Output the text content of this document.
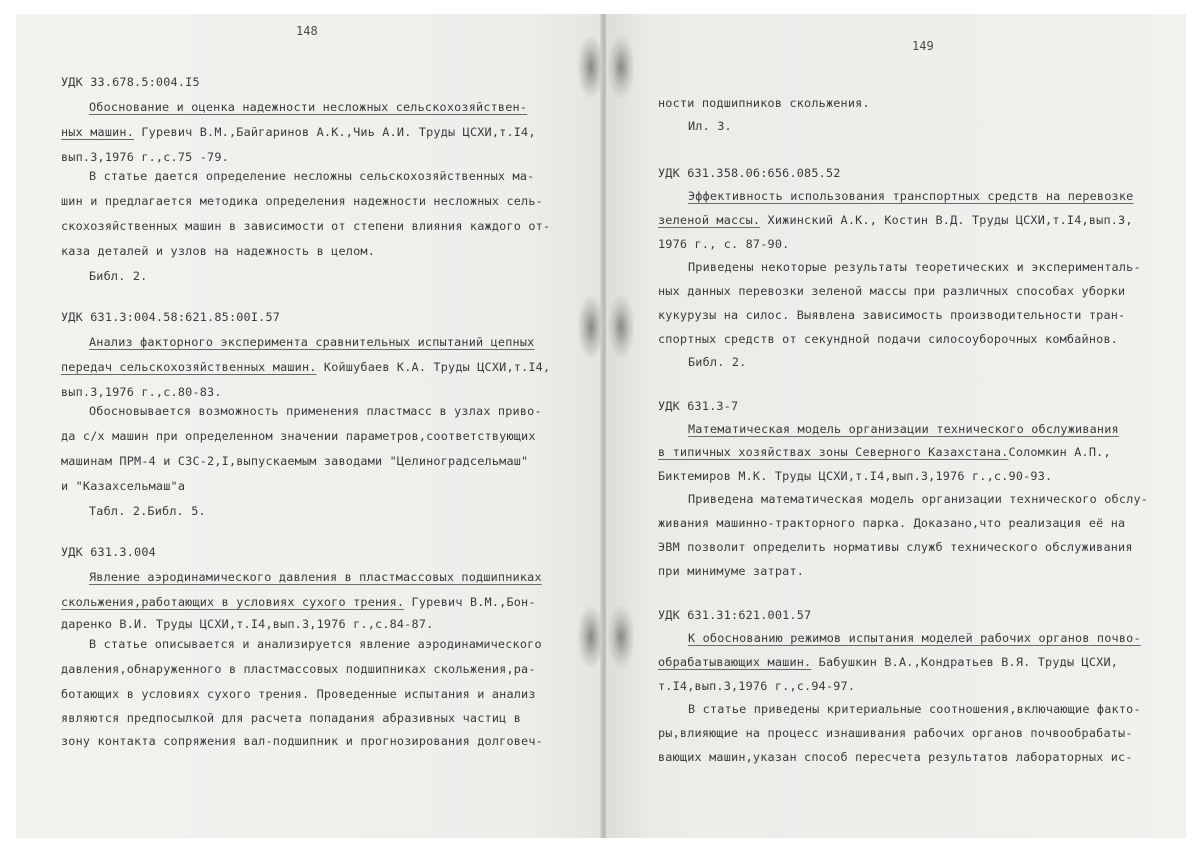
148
УДК 33.678.5:004.I5
Обоснование и оценка надежности несложных сельскохозяйствен-
ных машин. Гуревич В.М.,Байгаринов А.К.,Чиь А.И. Труды ЦСХИ,т.I4,
вып.3,1976 г.,с.75 -79.
В статье дается определение несложны сельскохозяйственных ма-
шин и предлагается методика определения надежности несложных сель-
скохозяйственных машин в зависимости от степени влияния каждого от-
каза деталей и узлов на надежность в целом.
Библ. 2.
УДК 631.3:004.58:621.85:00I.57
Анализ факторного эксперимента сравнительных испытаний цепных
передач сельскохозяйственных машин. Койшубаев К.А. Труды ЦСХИ,т.I4,
вып.3,1976 г.,с.80-83.
Обосновывается возможность применения пластмасс в узлах приво-
да с/х машин при определенном значении параметров,соответствующих
машинам ПРМ-4 и СЗС-2,I,выпускаемым заводами "Целиноградсельмаш"
и "Казахсельмаш"а
Табл. 2.Библ. 5.
УДК 631.3.004
Явление аэродинамического давления в пластмассовых подшипниках
скольжения,работающих в условиях сухого трения. Гуревич В.М.,Бон-
даренко В.И. Труды ЦСХИ,т.I4,вып.3,1976 г.,с.84-87.
В статье описывается и анализируется явление аэродинамического
давления,обнаруженного в пластмассовых подшипниках скольжения,ра-
ботающих в условиях сухого трения. Проведенные испытания и анализ
являются предпосылкой для расчета попадания абразивных частиц в
зону контакта сопряжения вал-подшипник и прогнозирования долговеч-
149
ности подшипников скольжения.
Ил. 3.
УДК 631.358.06:656.085.52
Эффективность использования транспортных средств на перевозке
зеленой массы. Хижинский А.К., Костин В.Д. Труды ЦСХИ,т.I4,вып.3,
1976 г., с. 87-90.
Приведены некоторые результаты теоретических и эксперименталь-
ных данных перевозки зеленой массы при различных способах уборки
кукурузы на силос. Выявлена зависимость производительности тран-
спортных средств от секундной подачи силосоуборочных комбайнов.
Библ. 2.
УДК 631.3-7
Математическая модель организации технического обслуживания
в типичных хозяйствах зоны Северного Казахстана.Соломкин А.П.,
Биктемиров М.К. Труды ЦСХИ,т.I4,вып.3,1976 г.,с.90-93.
Приведена математическая модель организации технического обслу-
живания машинно-тракторного парка. Доказано,что реализация её на
ЭВМ позволит определить нормативы служб технического обслуживания
при минимуме затрат.
УДК 631.31:621.001.57
К обоснованию режимов испытания моделей рабочих органов почво-
обрабатывающих машин. Бабушкин В.А.,Кондратьев В.Я. Труды ЦСХИ,
т.I4,вып.3,1976 г.,с.94-97.
В статье приведены критериальные соотношения,включающие факто-
ры,влияющие на процесс изнашивания рабочих органов почвообрабаты-
вающих машин,указан способ пересчета результатов лабораторных ис-
